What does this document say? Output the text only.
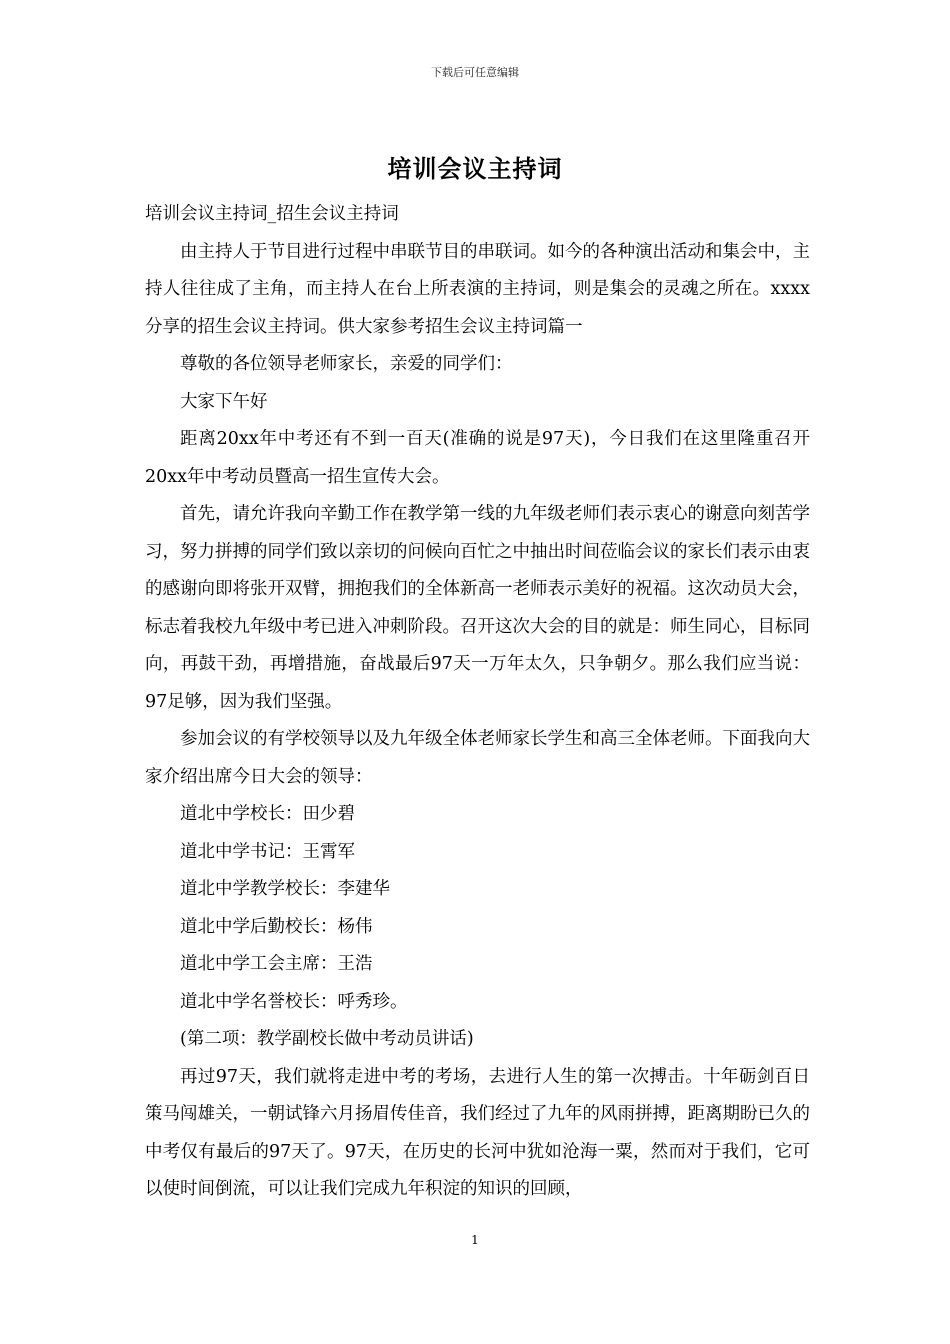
下载后可任意编辑
培训会议主持词

培训会议主持词_招生会议主持词

由主持人于节目进行过程中串联节目的串联词。如今的各种演出活动和集会中，主持人往往成了主角，而主持人在台上所表演的主持词，则是集会的灵魂之所在。xxxx分享的招生会议主持词。供大家参考招生会议主持词篇一

尊敬的各位领导老师家长，亲爱的同学们：

大家下午好

距离20xx年中考还有不到一百天(准确的说是97天)，今日我们在这里隆重召开20xx年中考动员暨高一招生宣传大会。

首先，请允许我向辛勤工作在教学第一线的九年级老师们表示衷心的谢意向刻苦学习，努力拼搏的同学们致以亲切的问候向百忙之中抽出时间莅临会议的家长们表示由衷的感谢向即将张开双臂，拥抱我们的全体新高一老师表示美好的祝福。这次动员大会，标志着我校九年级中考已进入冲刺阶段。召开这次大会的目的就是：师生同心，目标同向，再鼓干劲，再增措施，奋战最后97天一万年太久，只争朝夕。那么我们应当说：97足够，因为我们坚强。

参加会议的有学校领导以及九年级全体老师家长学生和高三全体老师。下面我向大家介绍出席今日大会的领导：

道北中学校长：田少碧

道北中学书记：王霄军

道北中学教学校长：李建华

道北中学后勤校长：杨伟

道北中学工会主席：王浩

道北中学名誉校长：呼秀珍。

(第二项：教学副校长做中考动员讲话)

再过97天，我们就将走进中考的考场，去进行人生的第一次搏击。十年砺剑百日策马闯雄关，一朝试锋六月扬眉传佳音，我们经过了九年的风雨拼搏，距离期盼已久的中考仅有最后的97天了。97天，在历史的长河中犹如沧海一粟，然而对于我们，它可以使时间倒流，可以让我们完成九年积淀的知识的回顾，

1
